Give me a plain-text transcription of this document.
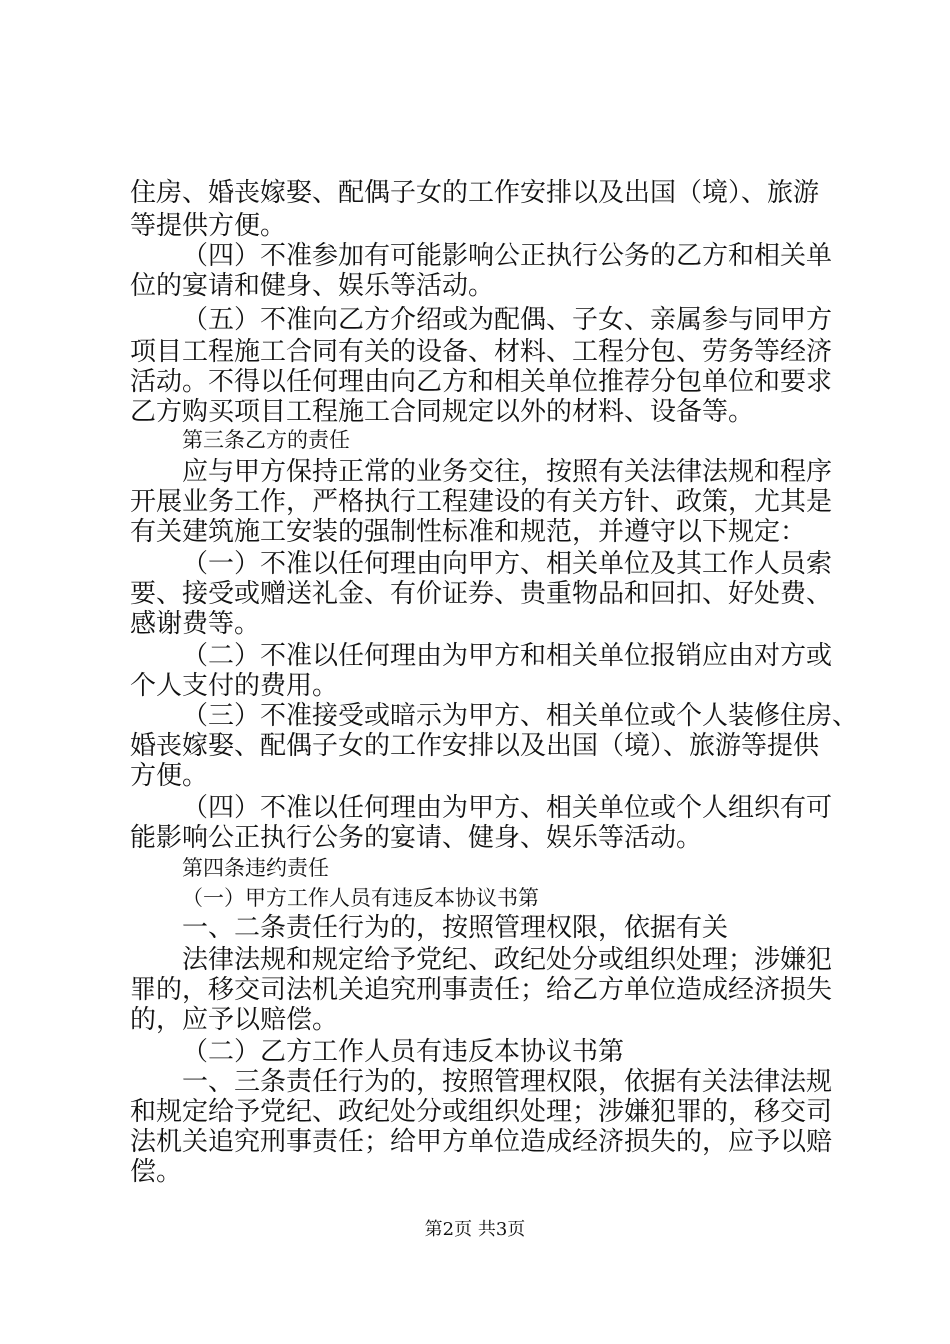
住房、婚丧嫁娶、配偶子女的工作安排以及出国（境）、旅游
等提供方便。
（四）不准参加有可能影响公正执行公务的乙方和相关单
位的宴请和健身、娱乐等活动。
（五）不准向乙方介绍或为配偶、子女、亲属参与同甲方
项目工程施工合同有关的设备、材料、工程分包、劳务等经济
活动。不得以任何理由向乙方和相关单位推荐分包单位和要求
乙方购买项目工程施工合同规定以外的材料、设备等。
第三条乙方的责任
应与甲方保持正常的业务交往，按照有关法律法规和程序
开展业务工作，严格执行工程建设的有关方针、政策，尤其是
有关建筑施工安装的强制性标准和规范，并遵守以下规定：
（一）不准以任何理由向甲方、相关单位及其工作人员索
要、接受或赠送礼金、有价证券、贵重物品和回扣、好处费、
感谢费等。
（二）不准以任何理由为甲方和相关单位报销应由对方或
个人支付的费用。
（三）不准接受或暗示为甲方、相关单位或个人装修住房、
婚丧嫁娶、配偶子女的工作安排以及出国（境）、旅游等提供
方便。
（四）不准以任何理由为甲方、相关单位或个人组织有可
能影响公正执行公务的宴请、健身、娱乐等活动。
第四条违约责任
（一）甲方工作人员有违反本协议书第
一、二条责任行为的，按照管理权限，依据有关
法律法规和规定给予党纪、政纪处分或组织处理；涉嫌犯
罪的，移交司法机关追究刑事责任；给乙方单位造成经济损失
的，应予以赔偿。
（二）乙方工作人员有违反本协议书第
一、三条责任行为的，按照管理权限，依据有关法律法规
和规定给予党纪、政纪处分或组织处理；涉嫌犯罪的，移交司
法机关追究刑事责任；给甲方单位造成经济损失的，应予以赔
偿。
第2页 共3页
